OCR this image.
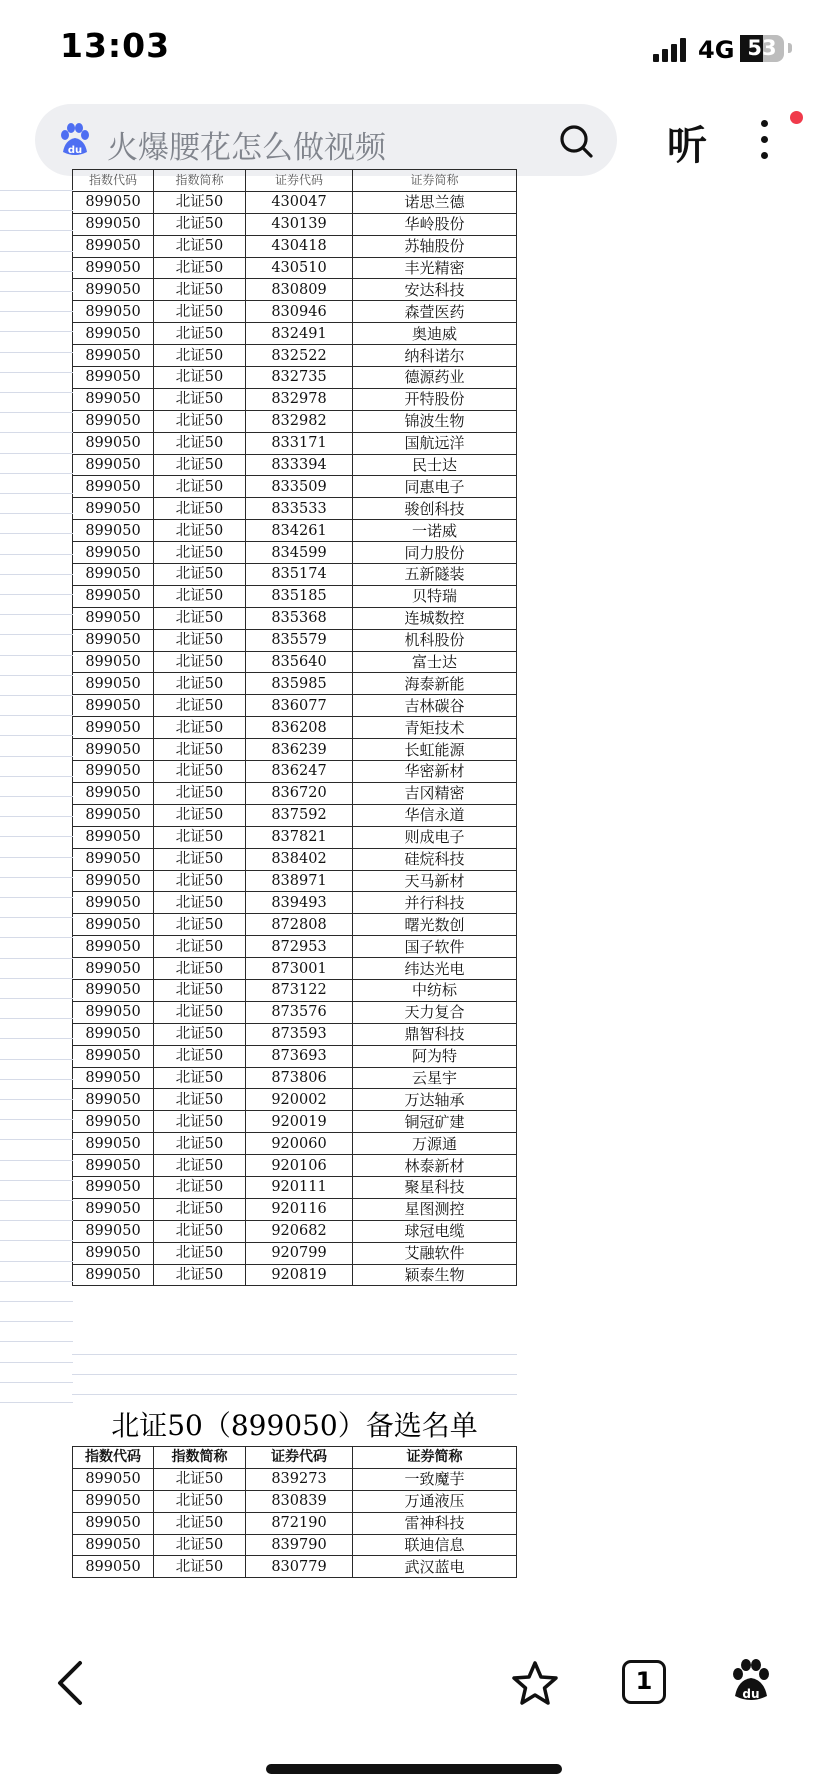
13:03	4G 53
du 火爆腰花怎么做视频	听
指数代码	指数简称	证券代码	证券简称
899050	北证50	430047	诺思兰德
899050	北证50	430139	华岭股份
899050	北证50	430418	苏轴股份
899050	北证50	430510	丰光精密
899050	北证50	830809	安达科技
899050	北证50	830946	森萱医药
899050	北证50	832491	奥迪威
899050	北证50	832522	纳科诺尔
899050	北证50	832735	德源药业
899050	北证50	832978	开特股份
899050	北证50	832982	锦波生物
899050	北证50	833171	国航远洋
899050	北证50	833394	民士达
899050	北证50	833509	同惠电子
899050	北证50	833533	骏创科技
899050	北证50	834261	一诺威
899050	北证50	834599	同力股份
899050	北证50	835174	五新隧装
899050	北证50	835185	贝特瑞
899050	北证50	835368	连城数控
899050	北证50	835579	机科股份
899050	北证50	835640	富士达
899050	北证50	835985	海泰新能
899050	北证50	836077	吉林碳谷
899050	北证50	836208	青矩技术
899050	北证50	836239	长虹能源
899050	北证50	836247	华密新材
899050	北证50	836720	吉冈精密
899050	北证50	837592	华信永道
899050	北证50	837821	则成电子
899050	北证50	838402	硅烷科技
899050	北证50	838971	天马新材
899050	北证50	839493	并行科技
899050	北证50	872808	曙光数创
899050	北证50	872953	国子软件
899050	北证50	873001	纬达光电
899050	北证50	873122	中纺标
899050	北证50	873576	天力复合
899050	北证50	873593	鼎智科技
899050	北证50	873693	阿为特
899050	北证50	873806	云星宇
899050	北证50	920002	万达轴承
899050	北证50	920019	铜冠矿建
899050	北证50	920060	万源通
899050	北证50	920106	林泰新材
899050	北证50	920111	聚星科技
899050	北证50	920116	星图测控
899050	北证50	920682	球冠电缆
899050	北证50	920799	艾融软件
899050	北证50	920819	颖泰生物
北证50（899050）备选名单
指数代码	指数简称	证券代码	证券简称
899050	北证50	839273	一致魔芋
899050	北证50	830839	万通液压
899050	北证50	872190	雷神科技
899050	北证50	839790	联迪信息
899050	北证50	830779	武汉蓝电
1	du
